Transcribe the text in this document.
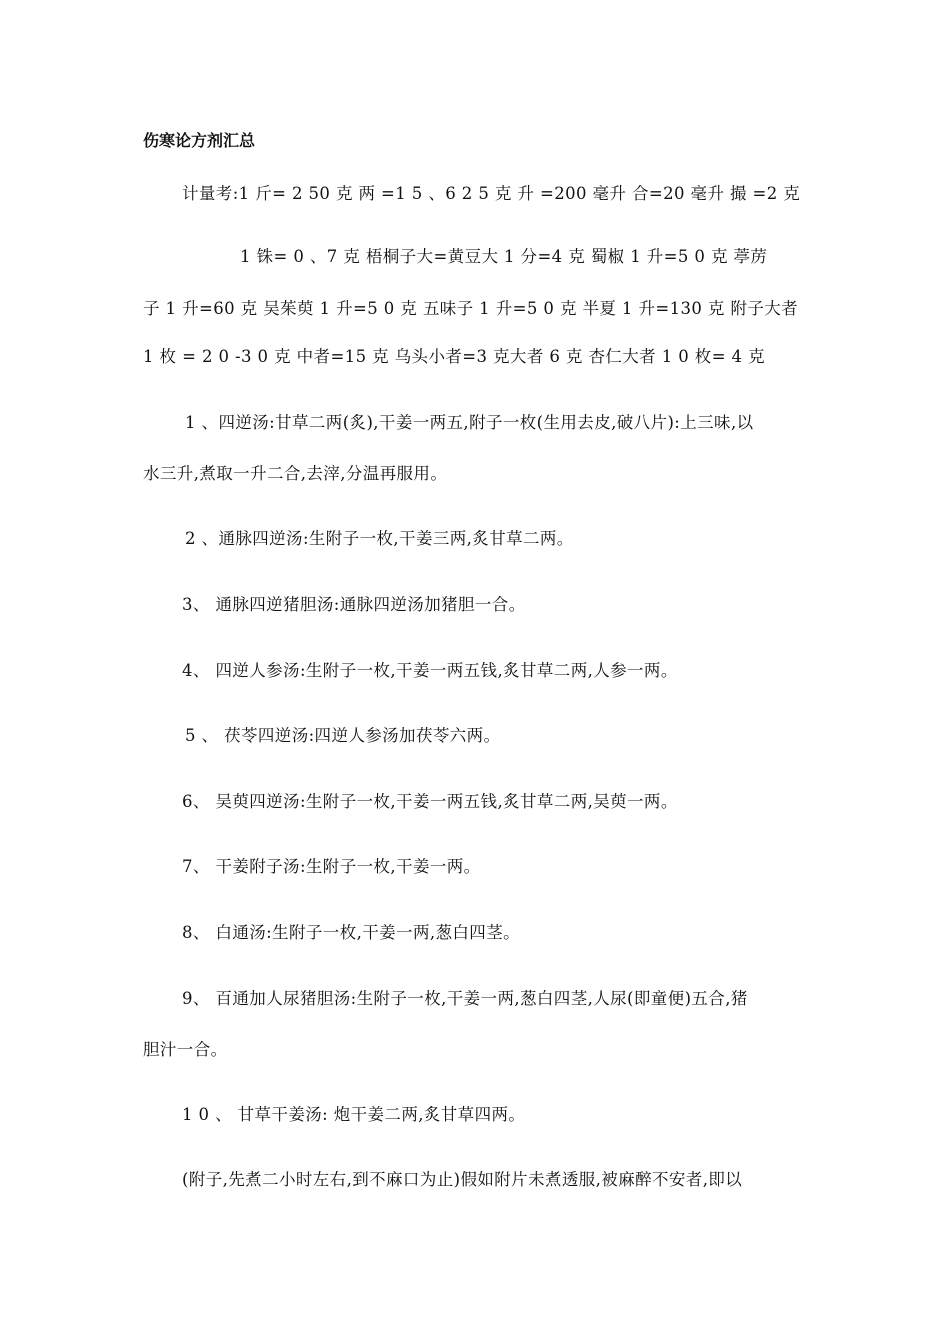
伤寒论方剂汇总
计量考:1 斤= 2 50 克 两 =1 5 、6 2 5 克 升 =200 毫升 合=20 毫升 撮 =2 克
1 铢= 0 、7 克 梧桐子大=黄豆大 1 分=4 克 蜀椒 1 升=5 0 克 葶苈
子 1 升=60 克 吴茱萸 1 升=5 0 克 五味子 1 升=5 0 克 半夏 1 升=130 克 附子大者
1 枚 = 2 0 -3 0 克 中者=15 克 乌头小者=3 克大者 6 克 杏仁大者 1 0 枚= 4 克
1 、四逆汤:甘草二两(炙),干姜一两五,附子一枚(生用去皮,破八片):上三味,以
水三升,煮取一升二合,去滓,分温再服用。
2 、通脉四逆汤:生附子一枚,干姜三两,炙甘草二两。
3、 通脉四逆猪胆汤:通脉四逆汤加猪胆一合。
4、 四逆人参汤:生附子一枚,干姜一两五钱,炙甘草二两,人参一两。
5 、 茯苓四逆汤:四逆人参汤加茯苓六两。
6、 吴萸四逆汤:生附子一枚,干姜一两五钱,炙甘草二两,吴萸一两。
7、 干姜附子汤:生附子一枚,干姜一两。
8、 白通汤:生附子一枚,干姜一两,葱白四茎。
9、 百通加人尿猪胆汤:生附子一枚,干姜一两,葱白四茎,人尿(即童便)五合,猪
胆汁一合。
1 0 、 甘草干姜汤: 炮干姜二两,炙甘草四两。
(附子,先煮二小时左右,到不麻口为止)假如附片未煮透服,被麻醉不安者,即以
